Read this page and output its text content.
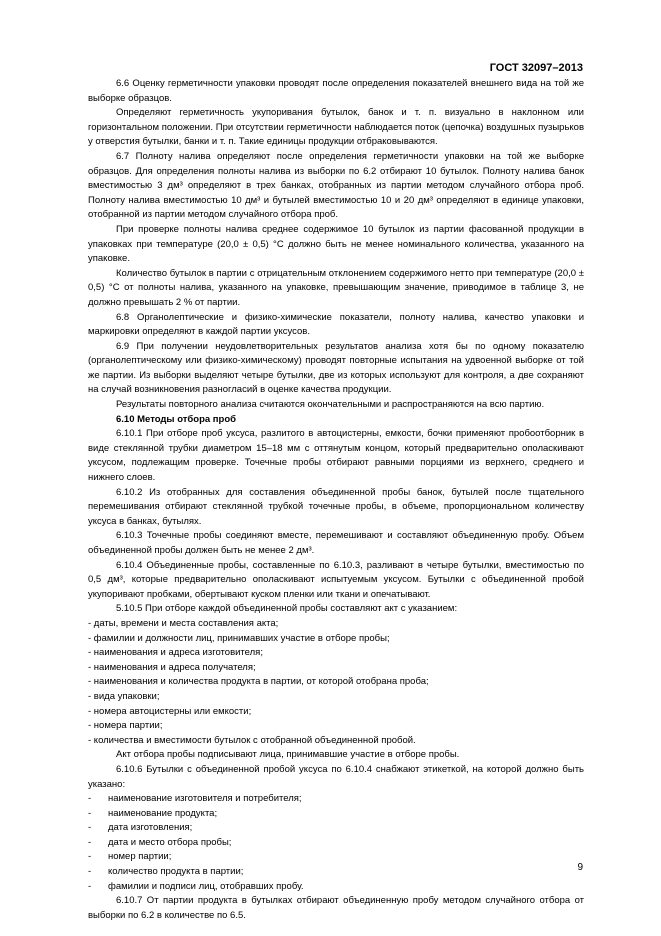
ГОСТ 32097–2013

6.6 Оценку герметичности упаковки проводят после определения показателей внешнего вида на той же выборке образцов.

Определяют герметичность укупоривания бутылок, банок и т. п. визуально в наклонном или горизонтальном положении. При отсутствии герметичности наблюдается поток (цепочка) воздушных пузырьков у отверстия бутылки, банки и т. п. Такие единицы продукции отбраковываются.

6.7 Полноту налива определяют после определения герметичности упаковки на той же выборке образцов. Для определения полноты налива из выборки по 6.2 отбирают 10 бутылок. Полноту налива банок вместимостью 3 дм³ определяют в трех банках, отобранных из партии методом случайного отбора проб. Полноту налива вместимостью 10 дм³ и бутылей вместимостью 10 и 20 дм³ определяют в единице упаковки, отобранной из партии методом случайного отбора проб.

При проверке полноты налива среднее содержимое 10 бутылок из партии фасованной продукции в упаковках при температуре (20,0 ± 0,5) °С должно быть не менее номинального количества, указанного на упаковке.

Количество бутылок в партии с отрицательным отклонением содержимого нетто при температуре (20,0 ± 0,5) °С от полноты налива, указанного на упаковке, превышающим значение, приводимое в таблице 3, не должно превышать 2 % от партии.

6.8 Органолептические и физико-химические показатели, полноту налива, качество упаковки и маркировки определяют в каждой партии уксусов.

6.9 При получении неудовлетворительных результатов анализа хотя бы по одному показателю (органолептическому или физико-химическому) проводят повторные испытания на удвоенной выборке от той же партии. Из выборки выделяют четыре бутылки, две из которых используют для контроля, а две сохраняют на случай возникновения разногласий в оценке качества продукции.

Результаты повторного анализа считаются окончательными и распространяются на всю партию.

6.10 Методы отбора проб

6.10.1 При отборе проб уксуса, разлитого в автоцистерны, емкости, бочки применяют пробоотборник в виде стеклянной трубки диаметром 15–18 мм с оттянутым концом, который предварительно ополаскивают уксусом, подлежащим проверке. Точечные пробы отбирают равными порциями из верхнего, среднего и нижнего слоев.

6.10.2 Из отобранных для составления объединенной пробы банок, бутылей после тщательного перемешивания отбирают стеклянной трубкой точечные пробы, в объеме, пропорциональном количеству уксуса в банках, бутылях.

6.10.3 Точечные пробы соединяют вместе, перемешивают и составляют объединенную пробу. Объем объединенной пробы должен быть не менее 2 дм³.

6.10.4 Объединенные пробы, составленные по 6.10.3, разливают в четыре бутылки, вместимостью по 0,5 дм³, которые предварительно ополаскивают испытуемым уксусом. Бутылки с объединенной пробой укупоривают пробками, обертывают куском пленки или ткани и опечатывают.

5.10.5 При отборе каждой объединенной пробы составляют акт с указанием:

- даты, времени и места составления акта;
- фамилии и должности лиц, принимавших участие в отборе пробы;
- наименования и адреса изготовителя;
- наименования и адреса получателя;
- наименования и количества продукта в партии, от которой отобрана проба;
- вида упаковки;
- номера автоцистерны или емкости;
- номера партии;
- количества и вместимости бутылок с отобранной объединенной пробой.

Акт отбора пробы подписывают лица, принимавшие участие в отборе пробы.

6.10.6 Бутылки с объединенной пробой уксуса по 6.10.4 снабжают этикеткой, на которой должно быть указано:

- наименование изготовителя и потребителя;
- наименование продукта;
- дата изготовления;
- дата и место отбора пробы;
- номер партии;
- количество продукта в партии;
- фамилии и подписи лиц, отобравших пробу.

6.10.7 От партии продукта в бутылках отбирают объединенную пробу методом случайного отбора от выборки по 6.2 в количестве по 6.5.

9
